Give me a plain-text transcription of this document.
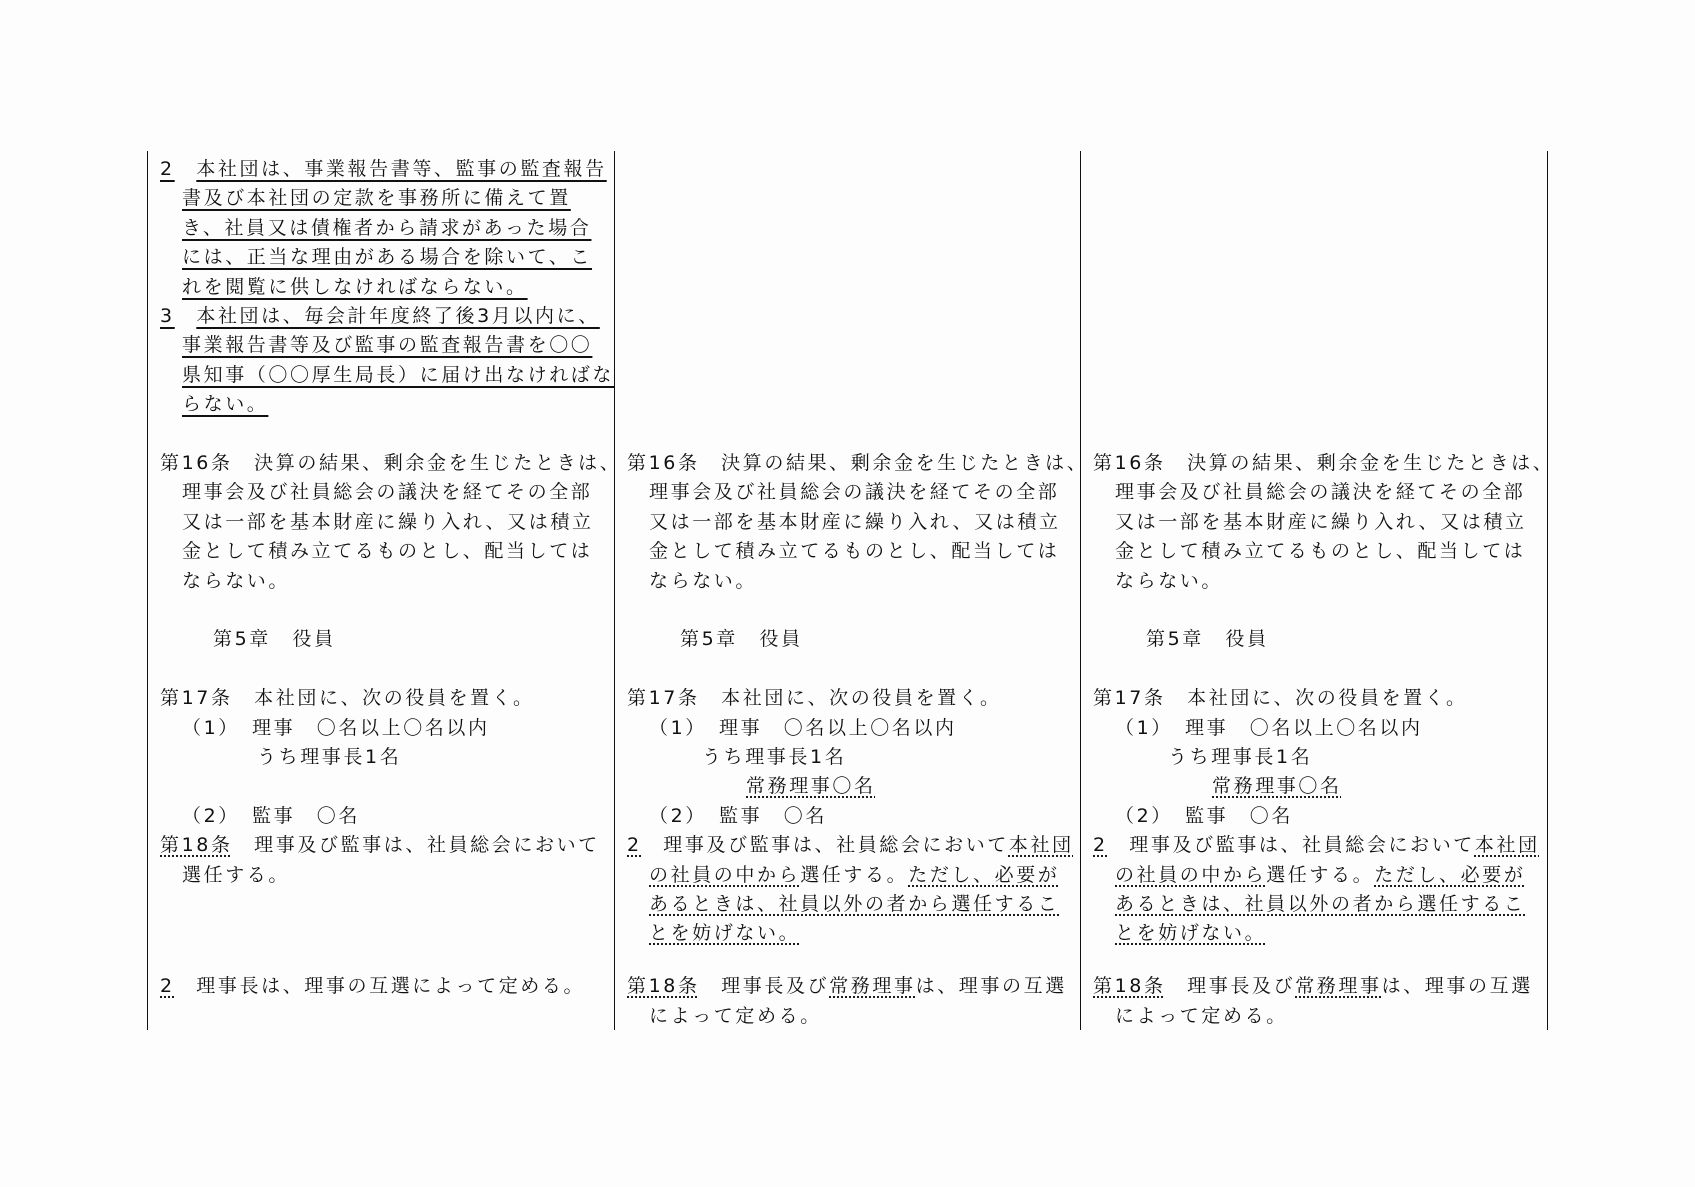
2　 本社団は、事業報告書等、監事の監査報告
書及び本社団の定款を事務所に備えて置
き、社員又は債権者から請求があった場合
には、正当な理由がある場合を除いて、こ
れを閲覧に供しなければならない。
3　 本社団は、毎会計年度終了後3月以内に、
事業報告書等及び監事の監査報告書を〇〇
県知事（〇〇厚生局長）に届け出なければな
らない。
第16条　決算の結果、剰余金を生じたときは、
理事会及び社員総会の議決を経てその全部
又は一部を基本財産に繰り入れ、又は積立
金として積み立てるものとし、配当しては
ならない。
第5章　役員
第17条　本社団に、次の役員を置く。
（1）　理事　〇名以上〇名以内
うち理事長1名
（2）　監事　〇名
第18条　理事及び監事は、社員総会において
選任する。
2　理事長は、理事の互選によって定める。
第16条　決算の結果、剰余金を生じたときは、
理事会及び社員総会の議決を経てその全部
又は一部を基本財産に繰り入れ、又は積立
金として積み立てるものとし、配当しては
ならない。
第5章　役員
第17条　本社団に、次の役員を置く。
（1）　理事　〇名以上〇名以内
うち理事長1名
常務理事〇名
（2）　監事　〇名
2　理事及び監事は、社員総会において本社団
の社員の中から選任する。ただし、必要が
あるときは、社員以外の者から選任するこ
とを妨げない。
第18条　理事長及び常務理事は、理事の互選
によって定める。
第16条　決算の結果、剰余金を生じたときは、
理事会及び社員総会の議決を経てその全部
又は一部を基本財産に繰り入れ、又は積立
金として積み立てるものとし、配当しては
ならない。
第5章　役員
第17条　本社団に、次の役員を置く。
（1）　理事　〇名以上〇名以内
うち理事長1名
常務理事〇名
（2）　監事　〇名
2　理事及び監事は、社員総会において本社団
の社員の中から選任する。ただし、必要が
あるときは、社員以外の者から選任するこ
とを妨げない。
第18条　理事長及び常務理事は、理事の互選
によって定める。
